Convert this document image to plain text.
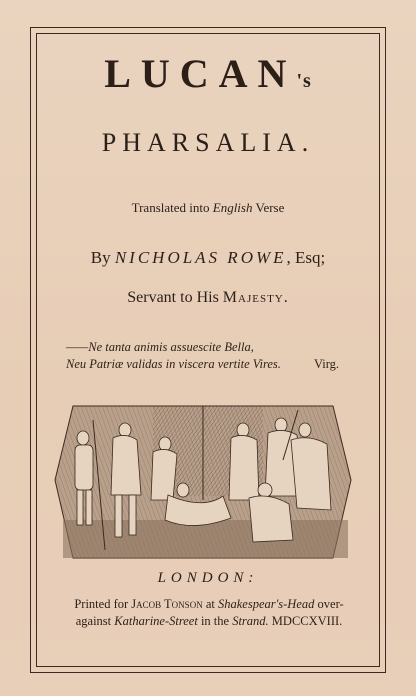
LUCAN's
PHARSALIA.
Translated into English Verse
By NICHOLAS ROWE, Esq;
Servant to His Majesty.
——Ne tanta animis assuescite Bella,
Neu Patriæ validas in viscera vertite Vires.	Virg.
LONDON:
Printed for Jacob Tonson at Shakespear's-Head over-
against Katharine-Street in the Strand. MDCCXVIII.
